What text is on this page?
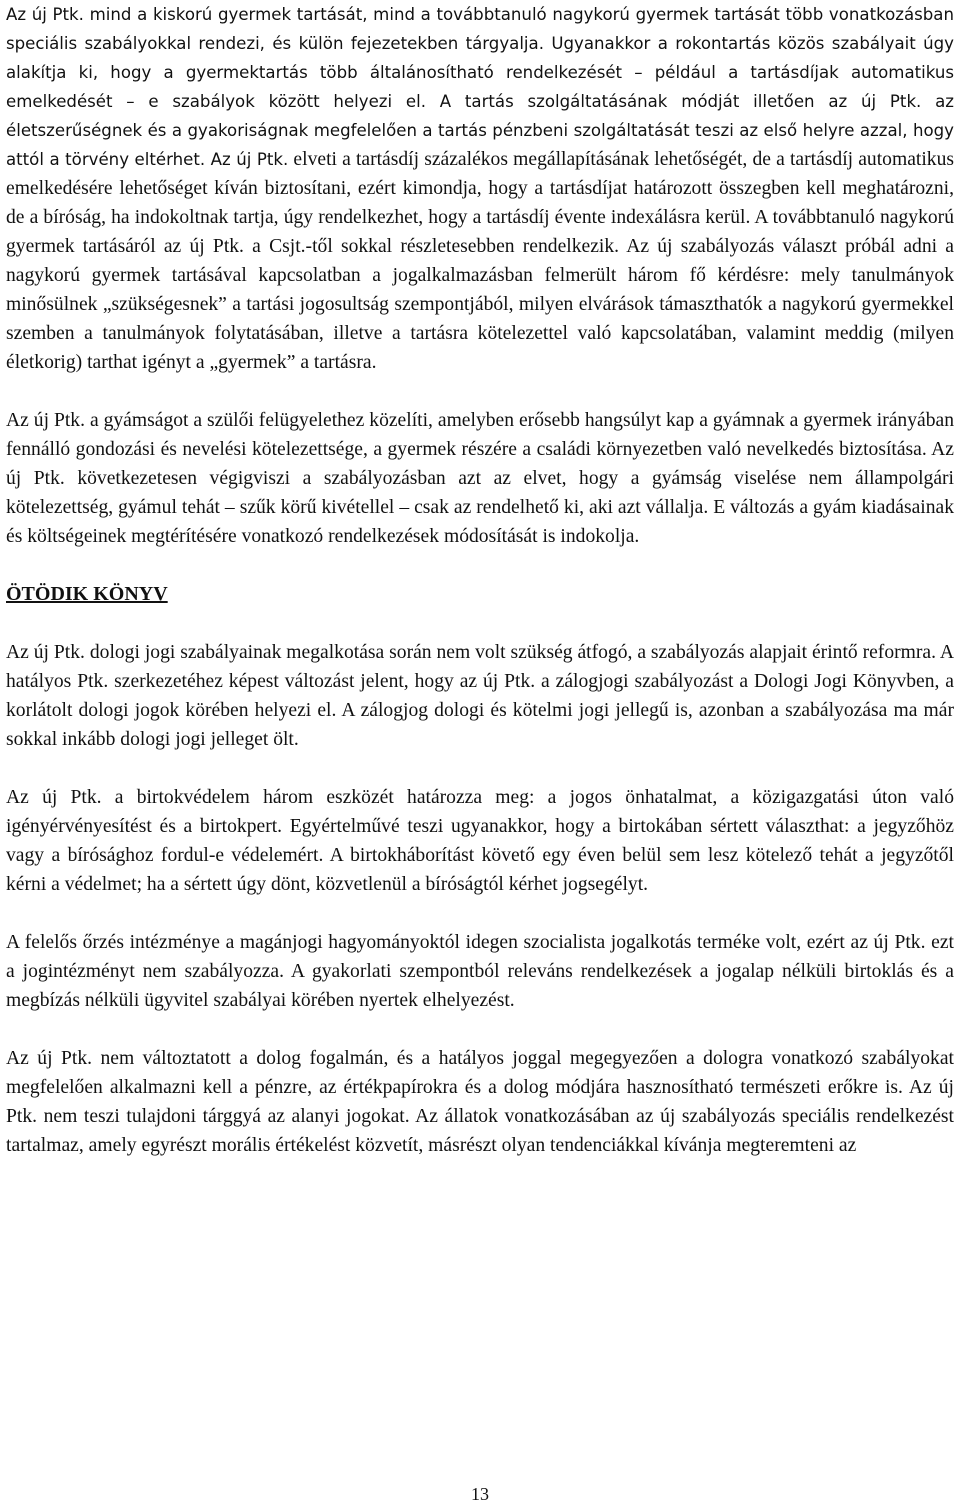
Az új Ptk. mind a kiskorú gyermek tartását, mind a továbbtanuló nagykorú gyermek tartását több vonatkozásban speciális szabályokkal rendezi, és külön fejezetekben tárgyalja. Ugyanakkor a rokontartás közös szabályait úgy alakítja ki, hogy a gyermektartás több általánosítható rendelkezését – például a tartásdíjak automatikus emelkedését – e szabályok között helyezi el. A tartás szolgáltatásának módját illetően az új Ptk. az életszerűségnek és a gyakoriságnak megfelelően a tartás pénzbeni szolgáltatását teszi az első helyre azzal, hogy attól a törvény eltérhet. Az új Ptk. elveti a tartásdíj százalékos megállapításának lehetőségét, de a tartásdíj automatikus emelkedésére lehetőséget kíván biztosítani, ezért kimondja, hogy a tartásdíjat határozott összegben kell meghatározni, de a bíróság, ha indokoltnak tartja, úgy rendelkezhet, hogy a tartásdíj évente indexálásra kerül. A továbbtanuló nagykorú gyermek tartásáról az új Ptk. a Csjt.-től sokkal részletesebben rendelkezik. Az új szabályozás választ próbál adni a nagykorú gyermek tartásával kapcsolatban a jogalkalmazásban felmerült három fő kérdésre: mely tanulmányok minősülnek „szükségesnek” a tartási jogosultság szempontjából, milyen elvárások támaszthatók a nagykorú gyermekkel szemben a tanulmányok folytatásában, illetve a tartásra kötelezettel való kapcsolatában, valamint meddig (milyen életkorig) tarthat igényt a „gyermek” a tartásra.

Az új Ptk. a gyámságot a szülői felügyelethez közelíti, amelyben erősebb hangsúlyt kap a gyámnak a gyermek irányában fennálló gondozási és nevelési kötelezettsége, a gyermek részére a családi környezetben való nevelkedés biztosítása. Az új Ptk. következetesen végigviszi a szabályozásban azt az elvet, hogy a gyámság viselése nem állampolgári kötelezettség, gyámul tehát – szűk körű kivétellel – csak az rendelhető ki, aki azt vállalja. E változás a gyám kiadásainak és költségeinek megtérítésére vonatkozó rendelkezések módosítását is indokolja.

ÖTÖDIK KÖNYV

Az új Ptk. dologi jogi szabályainak megalkotása során nem volt szükség átfogó, a szabályozás alapjait érintő reformra. A hatályos Ptk. szerkezetéhez képest változást jelent, hogy az új Ptk. a zálogjogi szabályozást a Dologi Jogi Könyvben, a korlátolt dologi jogok körében helyezi el. A zálogjog dologi és kötelmi jogi jellegű is, azonban a szabályozása ma már sokkal inkább dologi jogi jelleget ölt.

Az új Ptk. a birtokvédelem három eszközét határozza meg: a jogos önhatalmat, a közigazgatási úton való igényérvényesítést és a birtokpert. Egyértelművé teszi ugyanakkor, hogy a birtokában sértett választhat: a jegyzőhöz vagy a bírósághoz fordul-e védelemért. A birtokháborítást követő egy éven belül sem lesz kötelező tehát a jegyzőtől kérni a védelmet; ha a sértett úgy dönt, közvetlenül a bíróságtól kérhet jogsegélyt.

A felelős őrzés intézménye a magánjogi hagyományoktól idegen szocialista jogalkotás terméke volt, ezért az új Ptk. ezt a jogintézményt nem szabályozza. A gyakorlati szempontból releváns rendelkezések a jogalap nélküli birtoklás és a megbízás nélküli ügyvitel szabályai körében nyertek elhelyezést.

Az új Ptk. nem változtatott a dolog fogalmán, és a hatályos joggal megegyezően a dologra vonatkozó szabályokat megfelelően alkalmazni kell a pénzre, az értékpapírokra és a dolog módjára hasznosítható természeti erőkre is. Az új Ptk. nem teszi tulajdoni tárggyá az alanyi jogokat. Az állatok vonatkozásában az új szabályozás speciális rendelkezést tartalmaz, amely egyrészt morális értékelést közvetít, másrészt olyan tendenciákkal kívánja megteremteni az

13
